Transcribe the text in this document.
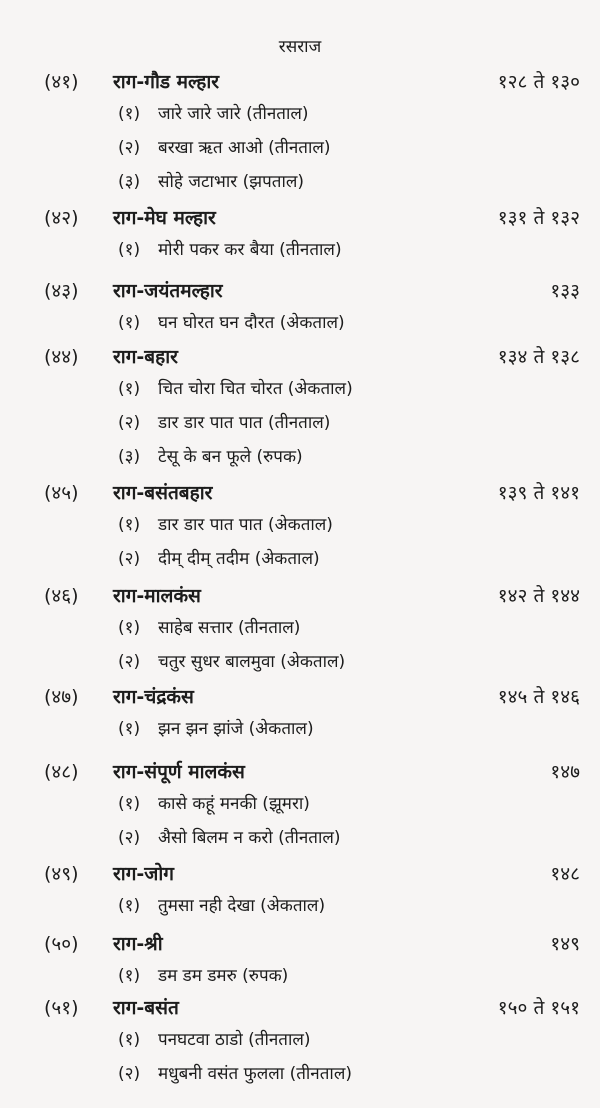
रसराज
(४१) राग-गौड मल्हार	१२८ ते १३०
(१) जारे जारे जारे (तीनताल)
(२) बरखा ऋत आओ (तीनताल)
(३) सोहे जटाभार (झपताल)
(४२) राग-मेघ मल्हार	१३१ ते १३२
(१) मोरी पकर कर बैया (तीनताल)
(४३) राग-जयंतमल्हार	१३३
(१) घन घोरत घन दौरत (अेकताल)
(४४) राग-बहार	१३४ ते १३८
(१) चित चोरा चित चोरत (अेकताल)
(२) डार डार पात पात (तीनताल)
(३) टेसू के बन फूले (रुपक)
(४५) राग-बसंतबहार	१३९ ते १४१
(१) डार डार पात पात (अेकताल)
(२) दीम् दीम् तदीम (अेकताल)
(४६) राग-मालकंस	१४२ ते १४४
(१) साहेब सत्तार (तीनताल)
(२) चतुर सुधर बालमुवा (अेकताल)
(४७) राग-चंद्रकंस	१४५ ते १४६
(१) झन झन झांजे (अेकताल)
(४८) राग-संपूर्ण मालकंस	१४७
(१) कासे कहूं मनकी (झूमरा)
(२) अैसो बिलम न करो (तीनताल)
(४९) राग-जोग	१४८
(१) तुमसा नही देखा (अेकताल)
(५०) राग-श्री	१४९
(१) डम डम डमरु (रुपक)
(५१) राग-बसंत	१५० ते १५१
(१) पनघटवा ठाडो (तीनताल)
(२) मधुबनी वसंत फुलला (तीनताल)
